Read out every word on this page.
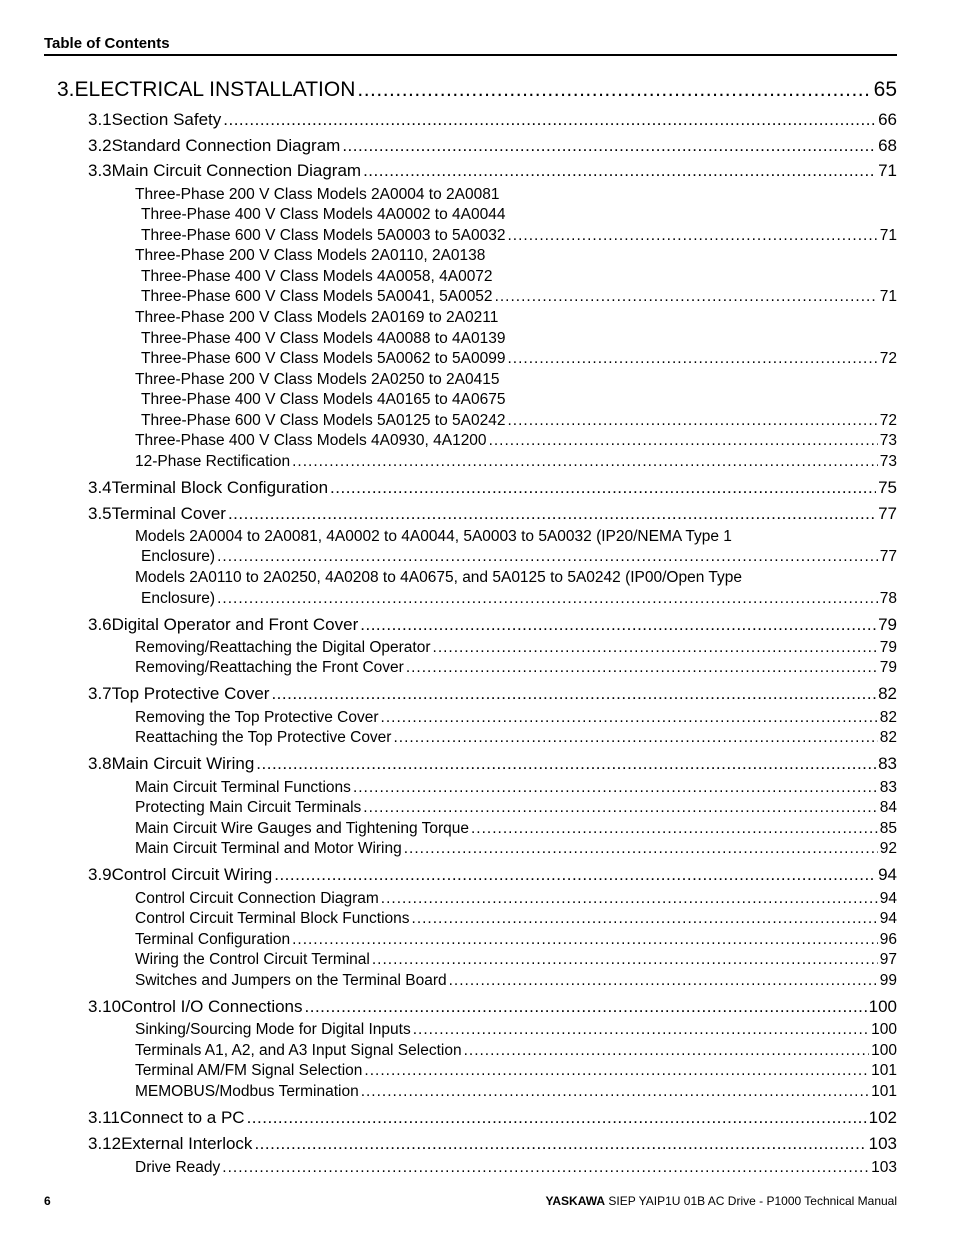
Table of Contents
3. ELECTRICAL INSTALLATION .....	65
3.1 Section Safety .....	66
3.2 Standard Connection Diagram .....	68
3.3 Main Circuit Connection Diagram .....	71
Three-Phase 200 V Class Models 2A0004 to 2A0081
Three-Phase 400 V Class Models 4A0002 to 4A0044
Three-Phase 600 V Class Models 5A0003 to 5A0032 .....	71
Three-Phase 200 V Class Models 2A0110, 2A0138
Three-Phase 400 V Class Models 4A0058, 4A0072
Three-Phase 600 V Class Models 5A0041, 5A0052 .....	71
Three-Phase 200 V Class Models 2A0169 to 2A0211
Three-Phase 400 V Class Models 4A0088 to 4A0139
Three-Phase 600 V Class Models 5A0062 to 5A0099 .....	72
Three-Phase 200 V Class Models 2A0250 to 2A0415
Three-Phase 400 V Class Models 4A0165 to 4A0675
Three-Phase 600 V Class Models 5A0125 to 5A0242 .....	72
Three-Phase 400 V Class Models 4A0930, 4A1200 .....	73
12-Phase Rectification .....	73
3.4 Terminal Block Configuration .....	75
3.5 Terminal Cover .....	77
Models 2A0004 to 2A0081, 4A0002 to 4A0044, 5A0003 to 5A0032 (IP20/NEMA Type 1
Enclosure) .....	77
Models 2A0110 to 2A0250, 4A0208 to 4A0675, and 5A0125 to 5A0242 (IP00/Open Type
Enclosure) .....	78
3.6 Digital Operator and Front Cover .....	79
Removing/Reattaching the Digital Operator .....	79
Removing/Reattaching the Front Cover .....	79
3.7 Top Protective Cover .....	82
Removing the Top Protective Cover .....	82
Reattaching the Top Protective Cover .....	82
3.8 Main Circuit Wiring .....	83
Main Circuit Terminal Functions .....	83
Protecting Main Circuit Terminals .....	84
Main Circuit Wire Gauges and Tightening Torque .....	85
Main Circuit Terminal and Motor Wiring .....	92
3.9 Control Circuit Wiring .....	94
Control Circuit Connection Diagram .....	94
Control Circuit Terminal Block Functions .....	94
Terminal Configuration .....	96
Wiring the Control Circuit Terminal .....	97
Switches and Jumpers on the Terminal Board .....	99
3.10 Control I/O Connections .....	100
Sinking/Sourcing Mode for Digital Inputs .....	100
Terminals A1, A2, and A3 Input Signal Selection .....	100
Terminal AM/FM Signal Selection .....	101
MEMOBUS/Modbus Termination .....	101
3.11 Connect to a PC .....	102
3.12 External Interlock .....	103
Drive Ready .....	103
6	YASKAWA SIEP YAIP1U 01B AC Drive - P1000 Technical Manual
